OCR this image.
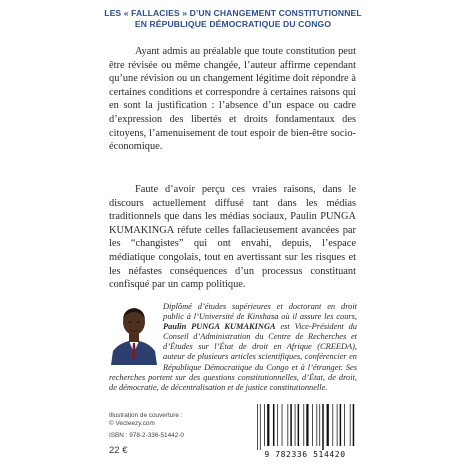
LES « FALLACIES » D’UN CHANGEMENT CONSTITUTIONNEL
EN RÉPUBLIQUE DÉMOCRATIQUE DU CONGO

Ayant admis au préalable que toute constitution peut être révisée ou même changée, l’auteur affirme cependant qu’une révision ou un changement légitime doit répondre à certaines conditions et correspondre à certaines raisons qui en sont la justification : l’absence d’un espace ou cadre d’expression des libertés et droits fondamentaux des citoyens, l’amenuisement de tout espoir de bien-être socio-économique.

Faute d’avoir perçu ces vraies raisons, dans le discours actuellement diffusé tant dans les médias traditionnels que dans les médias sociaux, Paulin PUNGA KUMAKINGA réfute celles fallacieusement avancées par les “changistes” qui ont envahi, depuis, l’espace médiatique congolais, tout en avertissant sur les risques et les néfastes conséquences d’un processus constituant confisqué par un camp politique.

Diplômé d’études supérieures et doctorant en droit public à l’Université de Kinshasa où il assure les cours, Paulin PUNGA KUMAKINGA est Vice-Président du Conseil d’Administration du Centre de Recherches et d’Études sur l’État de droit en Afrique (CREEDA), auteur de plusieurs articles scientifiques, conférencier en République Démocratique du Congo et à l’étranger. Ses recherches portent sur des questions constitutionnelles, d’État, de droit, de démocratie, de décentralisation et de justice constitutionnelle.
Illustration de couverture :
© Vecteezy.com
ISBN : 978-2-336-51442-0
22 €	9 782336 514420
